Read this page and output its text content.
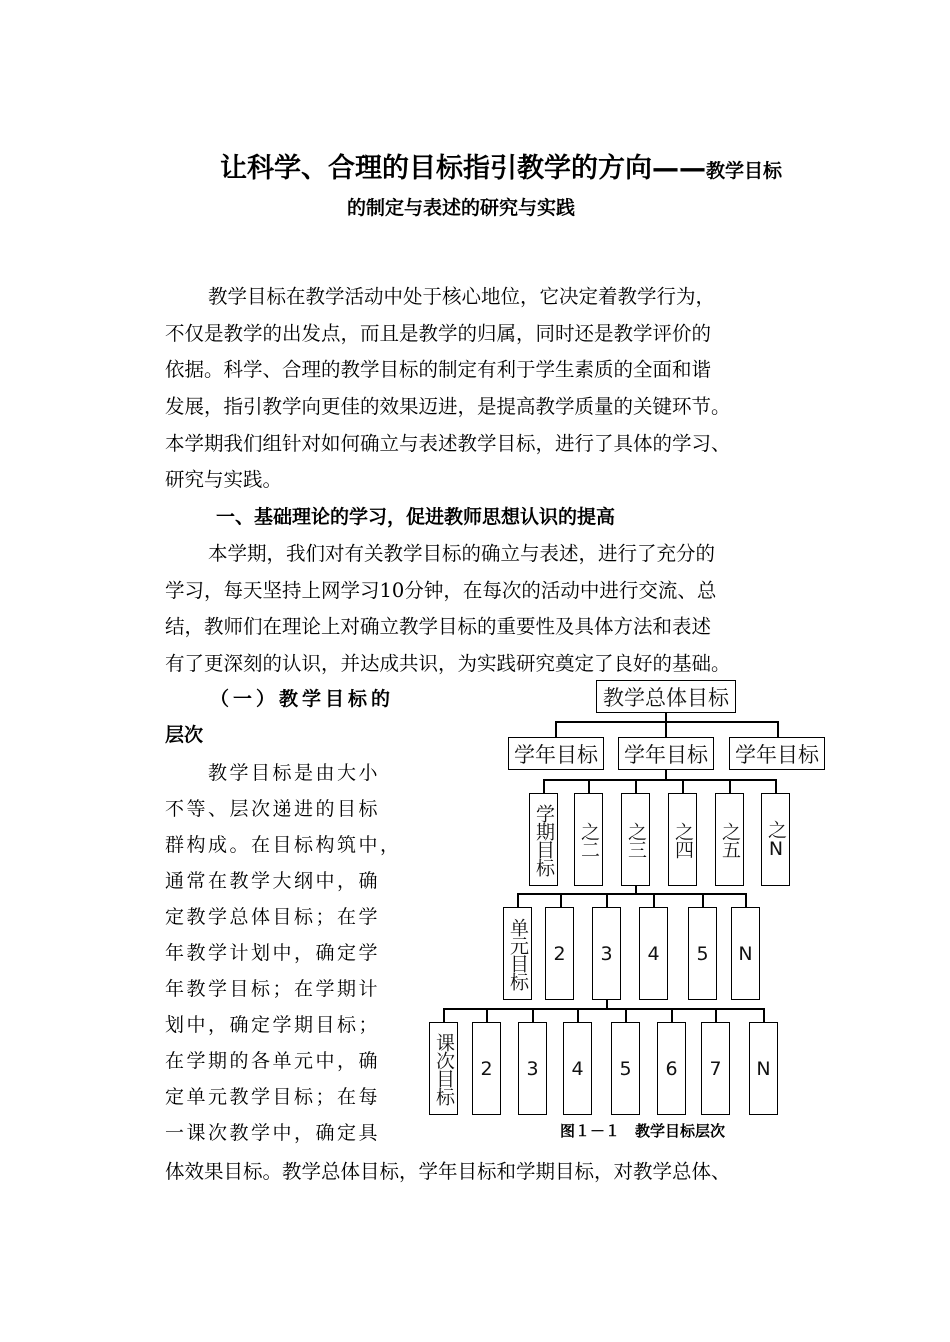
让科学、合理的目标指引教学的方向——教学目标
的制定与表述的研究与实践
教学目标在教学活动中处于核心地位，它决定着教学行为，
不仅是教学的出发点，而且是教学的归属，同时还是教学评价的
依据。科学、合理的教学目标的制定有利于学生素质的全面和谐
发展，指引教学向更佳的效果迈进，是提高教学质量的关键环节。
本学期我们组针对如何确立与表述教学目标，进行了具体的学习、
研究与实践。
一、基础理论的学习，促进教师思想认识的提高
本学期，我们对有关教学目标的确立与表述，进行了充分的
学习，每天坚持上网学习10分钟，在每次的活动中进行交流、总
结，教师们在理论上对确立教学目标的重要性及具体方法和表述
有了更深刻的认识，并达成共识，为实践研究奠定了良好的基础。
（一）教学目标的
层次
教学目标是由大小
不等、层次递进的目标
群构成。在目标构筑中，
通常在教学大纲中，确
定教学总体目标；在学
年教学计划中，确定学
年教学目标；在学期计
划中，确定学期目标；
在学期的各单元中，确
定单元教学目标；在每
一课次教学中，确定具
体效果目标。教学总体目标，学年目标和学期目标，对教学总体、
教学总体目标
学年目标 学年目标 学年目标
学期目标 之二 之三 之四 之五 之N
单元目标	2	3	4	5	N
课次目标	2	3	4	5	6	7	N
图１－１　教学目标层次
